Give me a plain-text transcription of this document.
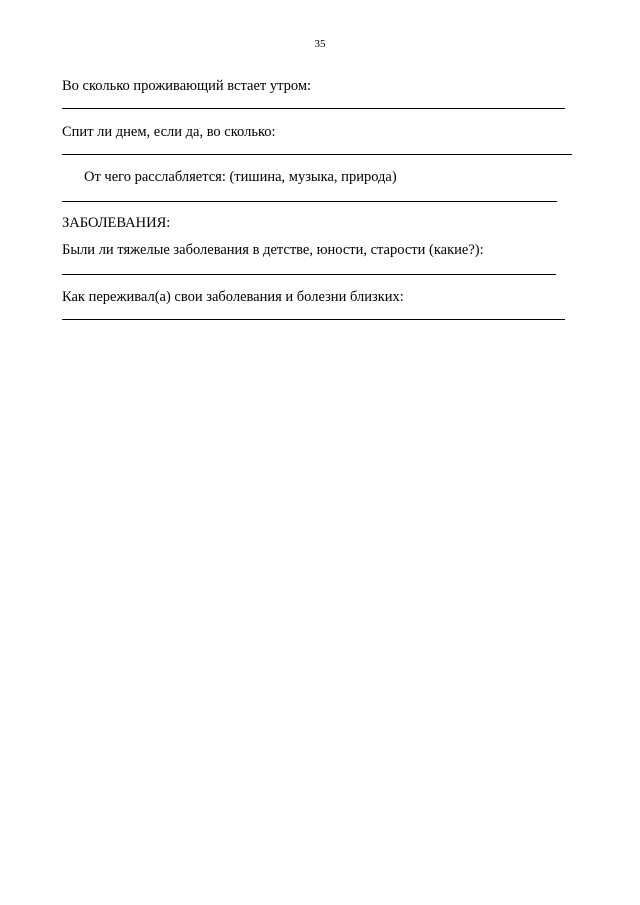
35
Во сколько проживающий встает утром:
Спит ли днем, если да, во сколько:
От чего расслабляется: (тишина, музыка, природа)
ЗАБОЛЕВАНИЯ:
Были ли тяжелые заболевания в детстве, юности, старости (какие?):
Как переживал(а) свои заболевания и болезни близких:
